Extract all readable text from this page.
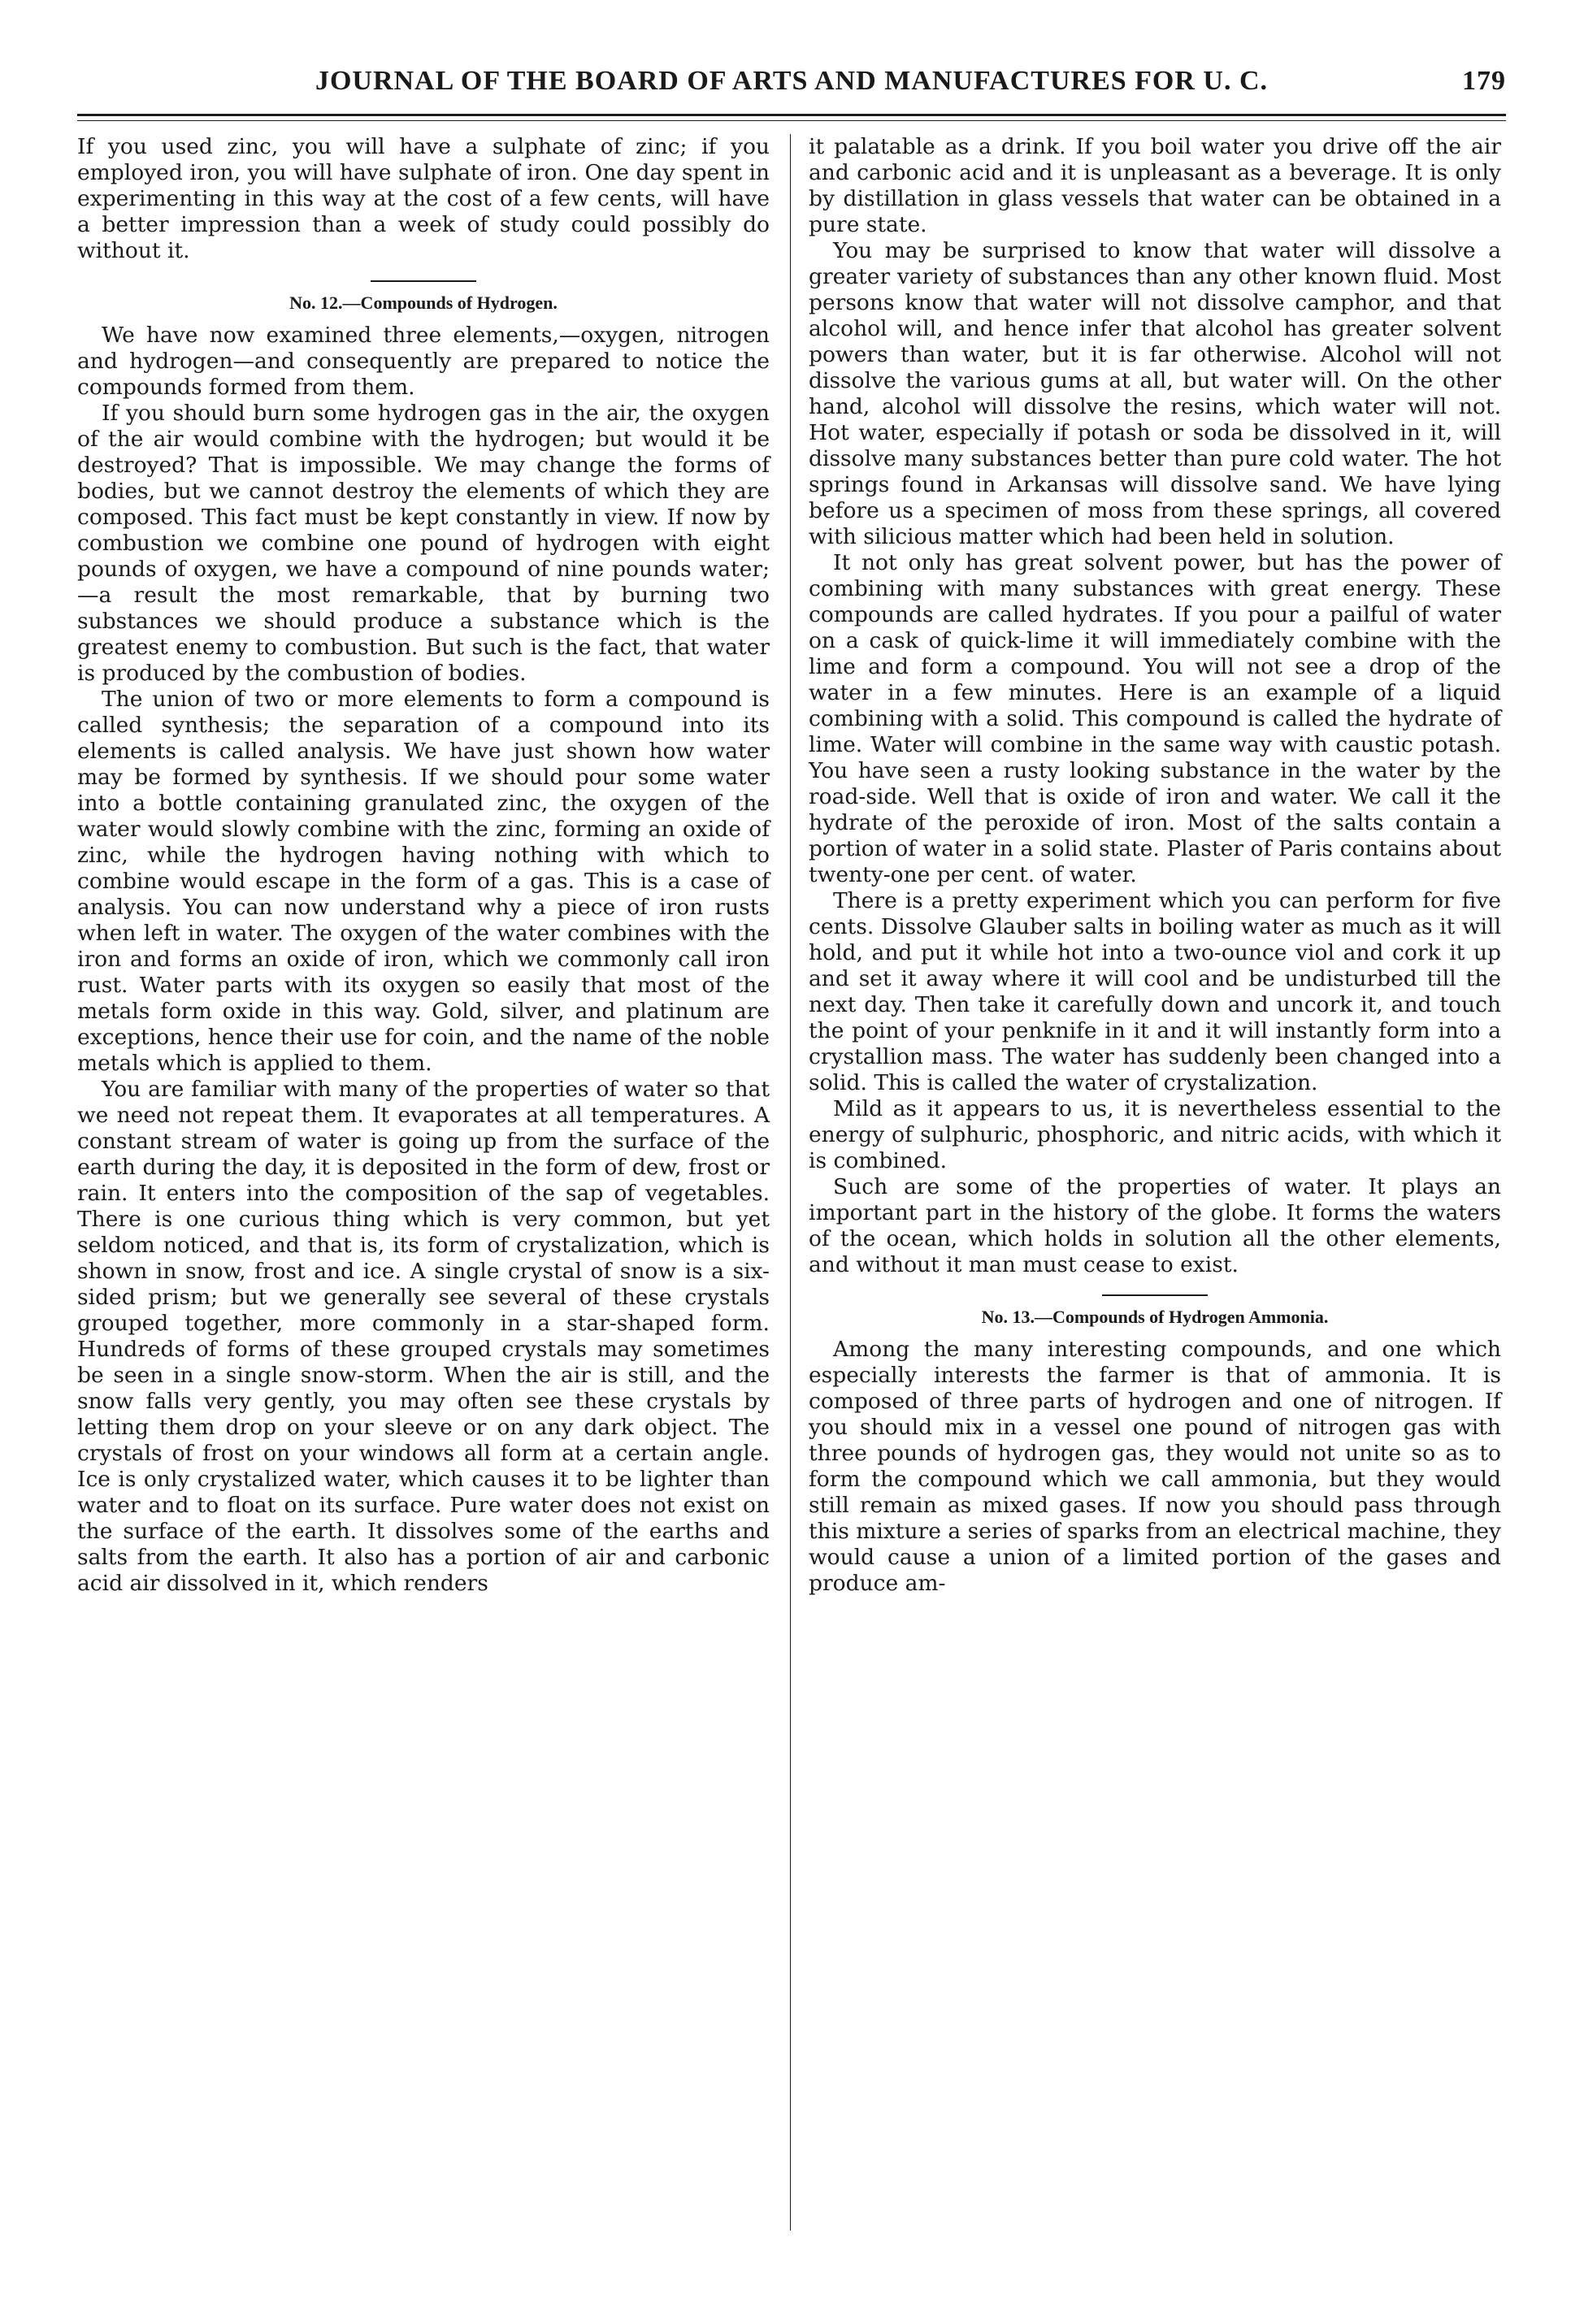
JOURNAL OF THE BOARD OF ARTS AND MANUFACTURES FOR U. C.	179

If you used zinc, you will have a sulphate of zinc; if you employed iron, you will have sulphate of iron. One day spent in experimenting in this way at the cost of a few cents, will have a better impression than a week of study could possibly do without it.

No. 12.—Compounds of Hydrogen.

We have now examined three elements,—oxygen, nitrogen and hydrogen—and consequently are prepared to notice the compounds formed from them.

If you should burn some hydrogen gas in the air, the oxygen of the air would combine with the hydrogen; but would it be destroyed? That is impossible. We may change the forms of bodies, but we cannot destroy the elements of which they are composed. This fact must be kept constantly in view. If now by combustion we combine one pound of hydrogen with eight pounds of oxygen, we have a compound of nine pounds water;—a result the most remarkable, that by burning two substances we should produce a substance which is the greatest enemy to combustion. But such is the fact, that water is produced by the combustion of bodies.

The union of two or more elements to form a compound is called synthesis; the separation of a compound into its elements is called analysis. We have just shown how water may be formed by synthesis. If we should pour some water into a bottle containing granulated zinc, the oxygen of the water would slowly combine with the zinc, forming an oxide of zinc, while the hydrogen having nothing with which to combine would escape in the form of a gas. This is a case of analysis. You can now understand why a piece of iron rusts when left in water. The oxygen of the water combines with the iron and forms an oxide of iron, which we commonly call iron rust. Water parts with its oxygen so easily that most of the metals form oxide in this way. Gold, silver, and platinum are exceptions, hence their use for coin, and the name of the noble metals which is applied to them.

You are familiar with many of the properties of water so that we need not repeat them. It evaporates at all temperatures. A constant stream of water is going up from the surface of the earth during the day, it is deposited in the form of dew, frost or rain. It enters into the composition of the sap of vegetables. There is one curious thing which is very common, but yet seldom noticed, and that is, its form of crystalization, which is shown in snow, frost and ice. A single crystal of snow is a six-sided prism; but we generally see several of these crystals grouped together, more commonly in a star-shaped form. Hundreds of forms of these grouped crystals may sometimes be seen in a single snow-storm. When the air is still, and the snow falls very gently, you may often see these crystals by letting them drop on your sleeve or on any dark object. The crystals of frost on your windows all form at a certain angle. Ice is only crystalized water, which causes it to be lighter than water and to float on its surface. Pure water does not exist on the surface of the earth. It dissolves some of the earths and salts from the earth. It also has a portion of air and carbonic acid air dissolved in it, which renders

it palatable as a drink. If you boil water you drive off the air and carbonic acid and it is unpleasant as a beverage. It is only by distillation in glass vessels that water can be obtained in a pure state.

You may be surprised to know that water will dissolve a greater variety of substances than any other known fluid. Most persons know that water will not dissolve camphor, and that alcohol will, and hence infer that alcohol has greater solvent powers than water, but it is far otherwise. Alcohol will not dissolve the various gums at all, but water will. On the other hand, alcohol will dissolve the resins, which water will not. Hot water, especially if potash or soda be dissolved in it, will dissolve many substances better than pure cold water. The hot springs found in Arkansas will dissolve sand. We have lying before us a specimen of moss from these springs, all covered with silicious matter which had been held in solution.

It not only has great solvent power, but has the power of combining with many substances with great energy. These compounds are called hydrates. If you pour a pailful of water on a cask of quick-lime it will immediately combine with the lime and form a compound. You will not see a drop of the water in a few minutes. Here is an example of a liquid combining with a solid. This compound is called the hydrate of lime. Water will combine in the same way with caustic potash. You have seen a rusty looking substance in the water by the road-side. Well that is oxide of iron and water. We call it the hydrate of the peroxide of iron. Most of the salts contain a portion of water in a solid state. Plaster of Paris contains about twenty-one per cent. of water.

There is a pretty experiment which you can perform for five cents. Dissolve Glauber salts in boiling water as much as it will hold, and put it while hot into a two-ounce viol and cork it up and set it away where it will cool and be undisturbed till the next day. Then take it carefully down and uncork it, and touch the point of your penknife in it and it will instantly form into a crystallion mass. The water has suddenly been changed into a solid. This is called the water of crystalization.

Mild as it appears to us, it is nevertheless essential to the energy of sulphuric, phosphoric, and nitric acids, with which it is combined.

Such are some of the properties of water. It plays an important part in the history of the globe. It forms the waters of the ocean, which holds in solution all the other elements, and without it man must cease to exist.

No. 13.—Compounds of Hydrogen Ammonia.

Among the many interesting compounds, and one which especially interests the farmer is that of ammonia. It is composed of three parts of hydrogen and one of nitrogen. If you should mix in a vessel one pound of nitrogen gas with three pounds of hydrogen gas, they would not unite so as to form the compound which we call ammonia, but they would still remain as mixed gases. If now you should pass through this mixture a series of sparks from an electrical machine, they would cause a union of a limited portion of the gases and produce am-
